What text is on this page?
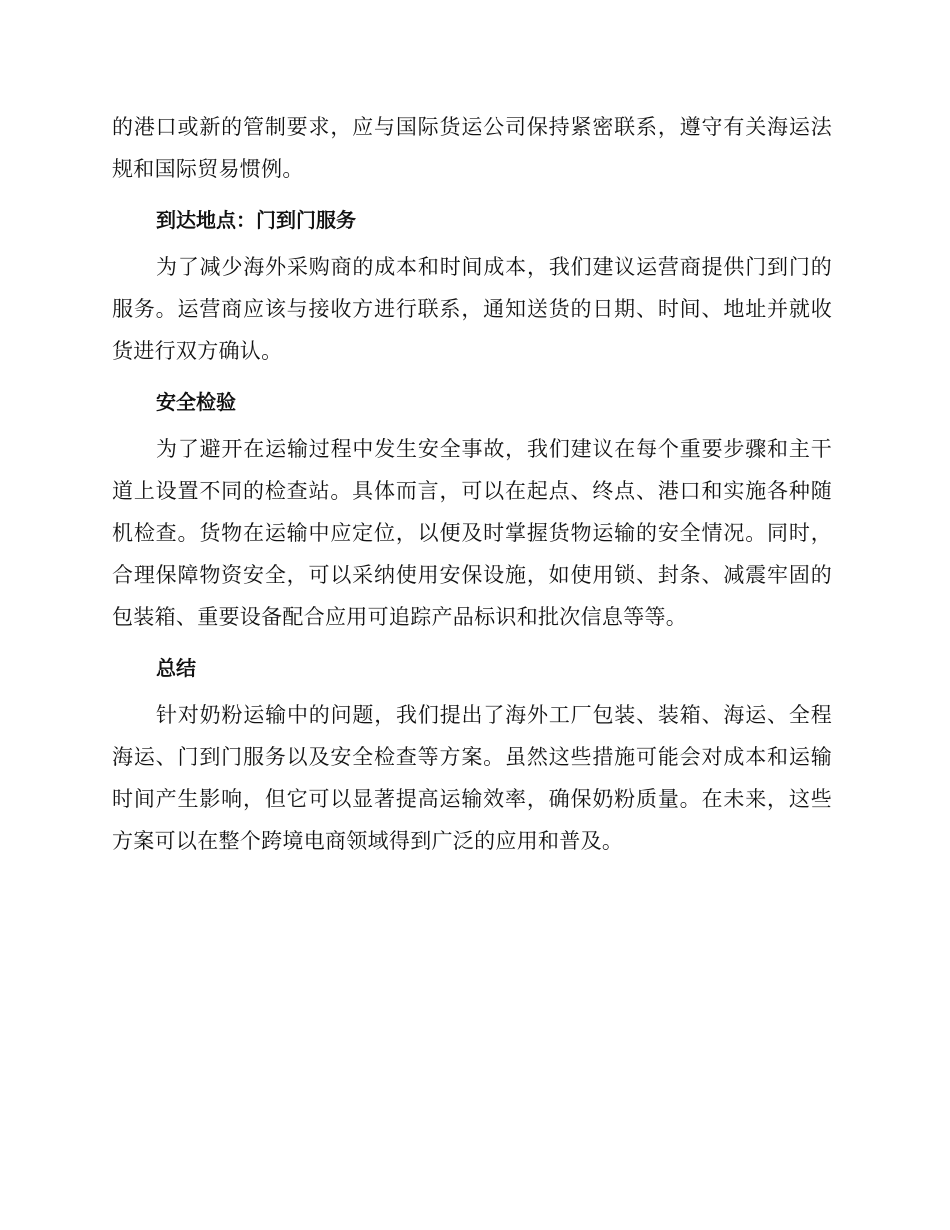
的港口或新的管制要求，应与国际货运公司保持紧密联系，遵守有关海运法规和国际贸易惯例。

到达地点：门到门服务

为了减少海外采购商的成本和时间成本，我们建议运营商提供门到门的服务。运营商应该与接收方进行联系，通知送货的日期、时间、地址并就收货进行双方确认。

安全检验

为了避开在运输过程中发生安全事故，我们建议在每个重要步骤和主干道上设置不同的检查站。具体而言，可以在起点、终点、港口和实施各种随机检查。货物在运输中应定位，以便及时掌握货物运输的安全情况。同时，合理保障物资安全，可以采纳使用安保设施，如使用锁、封条、减震牢固的包装箱、重要设备配合应用可追踪产品标识和批次信息等等。

总结

针对奶粉运输中的问题，我们提出了海外工厂包装、装箱、海运、全程海运、门到门服务以及安全检查等方案。虽然这些措施可能会对成本和运输时间产生影响，但它可以显著提高运输效率，确保奶粉质量。在未来，这些方案可以在整个跨境电商领域得到广泛的应用和普及。
